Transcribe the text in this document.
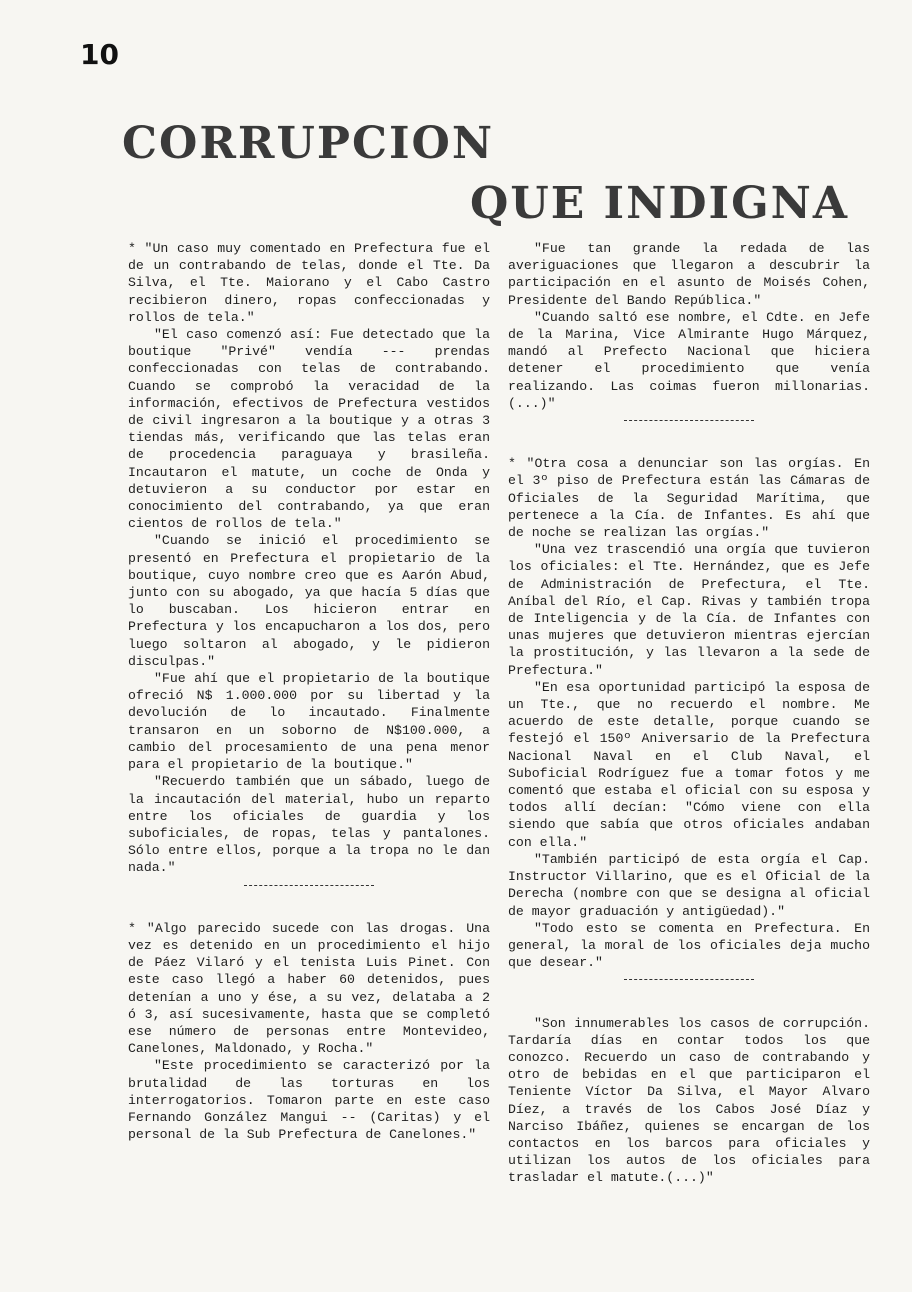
10
CORRUPCION
QUE INDIGNA

* "Un caso muy comentado en Prefectura fue el de un contrabando de telas, donde el Tte. Da Silva, el Tte. Maiorano y el Cabo Castro recibieron dinero, ropas confeccionadas y rollos de tela."

"El caso comenzó así: Fue detectado que la boutique "Privé" vendía --- prendas confeccionadas con telas de contrabando. Cuando se comprobó la veracidad de la información, efectivos de Prefectura vestidos de civil ingresaron a la boutique y a otras 3 tiendas más, verificando que las telas eran de procedencia paraguaya y brasileña. Incautaron el matute, un coche de Onda y detuvieron a su conductor por estar en conocimiento del contrabando, ya que eran cientos de rollos de tela."

"Cuando se inició el procedimiento se presentó en Prefectura el propietario de la boutique, cuyo nombre creo que es Aarón Abud, junto con su abogado, ya que hacía 5 días que lo buscaban. Los hicieron entrar en Prefectura y los encapucharon a los dos, pero luego soltaron al abogado, y le pidieron disculpas."

"Fue ahí que el propietario de la boutique ofreció N$ 1.000.000 por su libertad y la devolución de lo incautado. Finalmente transaron en un soborno de N$100.000, a cambio del procesamiento de una pena menor para el propietario de la boutique."

"Recuerdo también que un sábado, luego de la incautación del material, hubo un reparto entre los oficiales de guardia y los suboficiales, de ropas, telas y pantalones. Sólo entre ellos, porque a la tropa no le dan nada."

* "Algo parecido sucede con las drogas. Una vez es detenido en un procedimiento el hijo de Páez Vilaró y el tenista Luis Pinet. Con este caso llegó a haber 60 detenidos, pues detenían a uno y ése, a su vez, delataba a 2 ó 3, así sucesivamente, hasta que se completó ese número de personas entre Montevideo, Canelones, Maldonado, y Rocha."

"Este procedimiento se caracterizó por la brutalidad de las torturas en los interrogatorios. Tomaron parte en este caso Fernando González Mangui -- (Caritas) y el personal de la Sub Prefectura de Canelones."

"Fue tan grande la redada de las averiguaciones que llegaron a descubrir la participación en el asunto de Moisés Cohen, Presidente del Bando República."

"Cuando saltó ese nombre, el Cdte. en Jefe de la Marina, Vice Almirante Hugo Márquez, mandó al Prefecto Nacional que hiciera detener el procedimiento que venía realizando. Las coimas fueron millonarias. (...)"

* "Otra cosa a denunciar son las orgías. En el 3º piso de Prefectura están las Cámaras de Oficiales de la Seguridad Marítima, que pertenece a la Cía. de Infantes. Es ahí que de noche se realizan las orgías."

"Una vez trascendió una orgía que tuvieron los oficiales: el Tte. Hernández, que es Jefe de Administración de Prefectura, el Tte. Aníbal del Río, el Cap. Rivas y también tropa de Inteligencia y de la Cía. de Infantes con unas mujeres que detuvieron mientras ejercían la prostitución, y las llevaron a la sede de Prefectura."

"En esa oportunidad participó la esposa de un Tte., que no recuerdo el nombre. Me acuerdo de este detalle, porque cuando se festejó el 150º Aniversario de la Prefectura Nacional Naval en el Club Naval, el Suboficial Rodríguez fue a tomar fotos y me comentó que estaba el oficial con su esposa y todos allí decían: "Cómo viene con ella siendo que sabía que otros oficiales andaban con ella."

"También participó de esta orgía el Cap. Instructor Villarino, que es el Oficial de la Derecha (nombre con que se designa al oficial de mayor graduación y antigüedad)."

"Todo esto se comenta en Prefectura. En general, la moral de los oficiales deja mucho que desear."

"Son innumerables los casos de corrupción. Tardaría días en contar todos los que conozco. Recuerdo un caso de contrabando y otro de bebidas en el que participaron el Teniente Víctor Da Silva, el Mayor Alvaro Díez, a través de los Cabos José Díaz y Narciso Ibáñez, quienes se encargan de los contactos en los barcos para oficiales y utilizan los autos de los oficiales para trasladar el matute.(...)"
